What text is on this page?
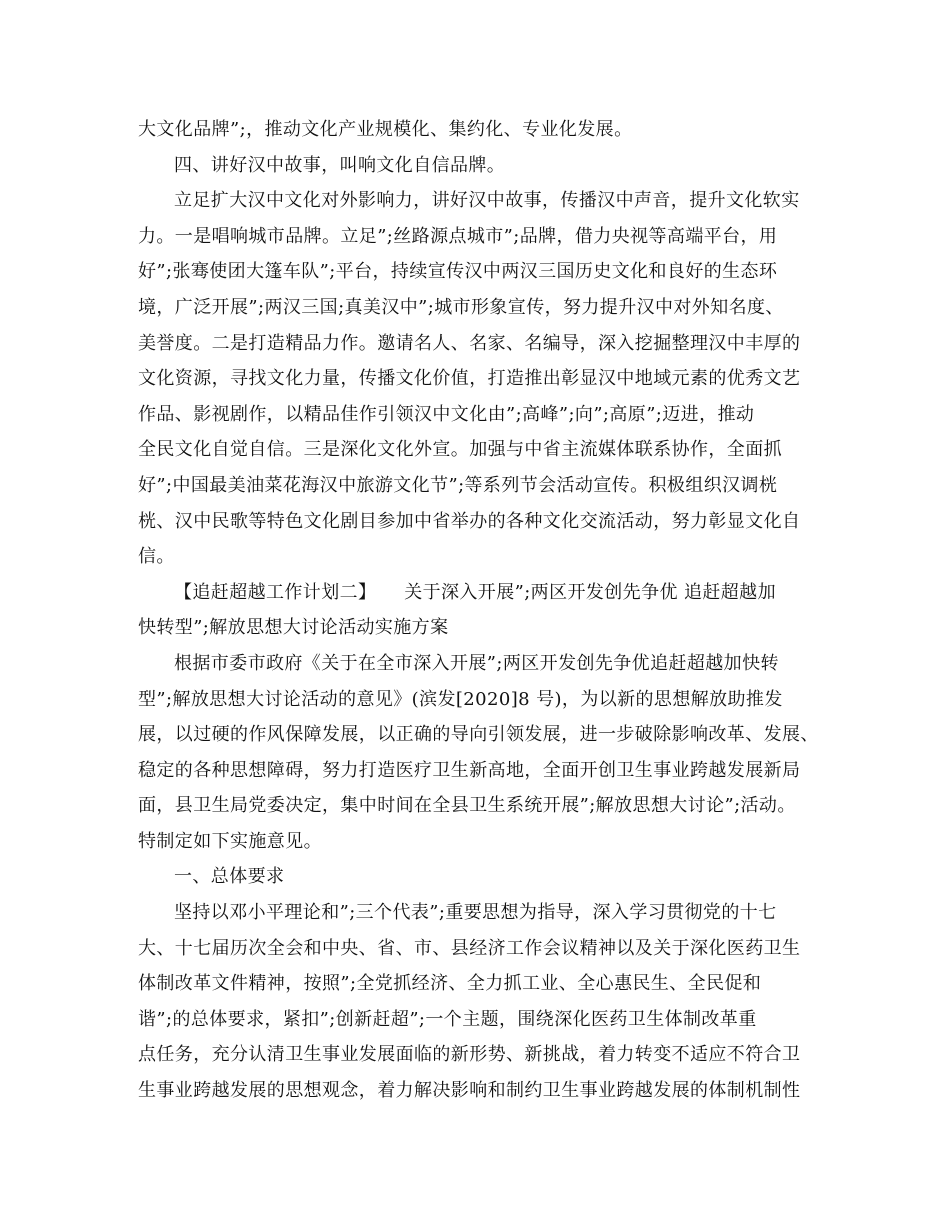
大文化品牌”;，推动文化产业规模化、集约化、专业化发展。
四、讲好汉中故事，叫响文化自信品牌。
立足扩大汉中文化对外影响力，讲好汉中故事，传播汉中声音，提升文化软实
力。一是唱响城市品牌。立足”;丝路源点城市”;品牌，借力央视等高端平台，用
好”;张骞使团大篷车队”;平台，持续宣传汉中两汉三国历史文化和良好的生态环
境，广泛开展”;两汉三国;真美汉中”;城市形象宣传，努力提升汉中对外知名度、
美誉度。二是打造精品力作。邀请名人、名家、名编导，深入挖掘整理汉中丰厚的
文化资源，寻找文化力量，传播文化价值，打造推出彰显汉中地域元素的优秀文艺
作品、影视剧作，以精品佳作引领汉中文化由”;高峰”;向”;高原”;迈进，推动
全民文化自觉自信。三是深化文化外宣。加强与中省主流媒体联系协作，全面抓
好”;中国最美油菜花海汉中旅游文化节”;等系列节会活动宣传。积极组织汉调桄
桄、汉中民歌等特色文化剧目参加中省举办的各种文化交流活动，努力彰显文化自
信。
【追赶超越工作计划二】　　关于深入开展”;两区开发创先争优 追赶超越加
快转型”;解放思想大讨论活动实施方案
根据市委市政府《关于在全市深入开展”;两区开发创先争优追赶超越加快转
型”;解放思想大讨论活动的意见》(滨发[2020]8 号)，为以新的思想解放助推发
展，以过硬的作风保障发展，以正确的导向引领发展，进一步破除影响改革、发展、
稳定的各种思想障碍，努力打造医疗卫生新高地，全面开创卫生事业跨越发展新局
面，县卫生局党委决定，集中时间在全县卫生系统开展”;解放思想大讨论”;活动。
特制定如下实施意见。
一、总体要求
坚持以邓小平理论和”;三个代表”;重要思想为指导，深入学习贯彻党的十七
大、十七届历次全会和中央、省、市、县经济工作会议精神以及关于深化医药卫生
体制改革文件精神，按照”;全党抓经济、全力抓工业、全心惠民生、全民促和
谐”;的总体要求，紧扣”;创新赶超”;一个主题，围绕深化医药卫生体制改革重
点任务，充分认清卫生事业发展面临的新形势、新挑战，着力转变不适应不符合卫
生事业跨越发展的思想观念，着力解决影响和制约卫生事业跨越发展的体制机制性
